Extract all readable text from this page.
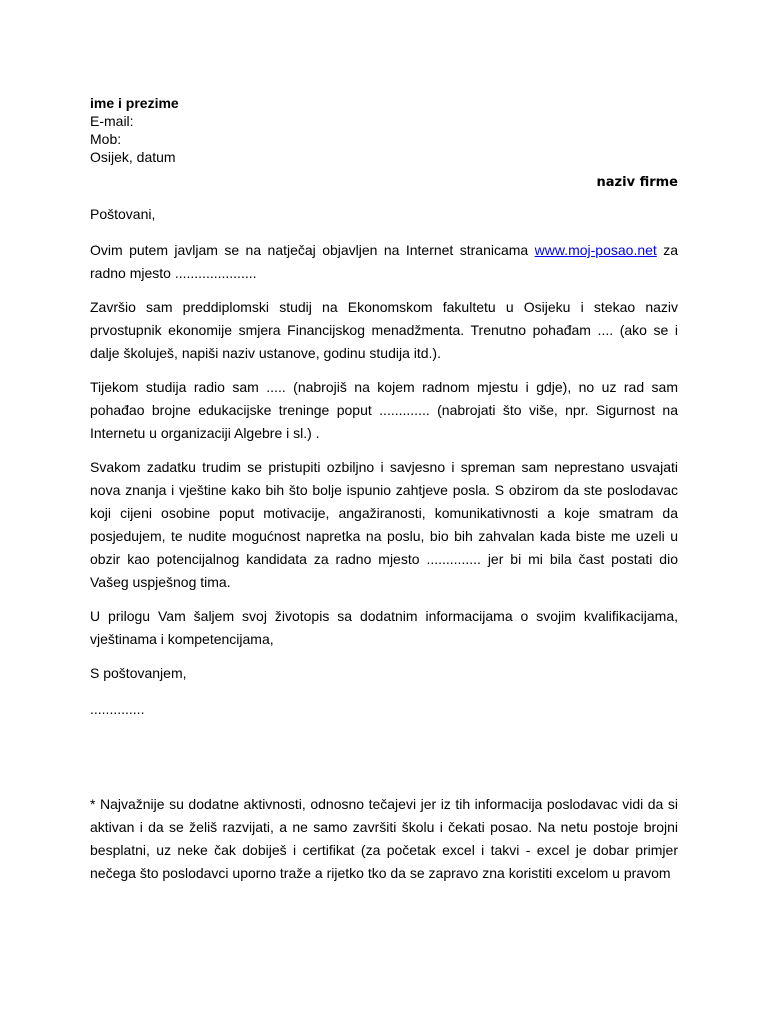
ime i prezime
E-mail:
Mob:
Osijek, datum
naziv firme

Poštovani,

Ovim putem javljam se na natječaj objavljen na Internet stranicama www.moj-posao.net za radno mjesto .....................

Završio sam preddiplomski studij na Ekonomskom fakultetu u Osijeku i stekao naziv prvostupnik ekonomije smjera Financijskog menadžmenta. Trenutno pohađam .... (ako se i dalje školuješ, napiši naziv ustanove, godinu studija itd.).

Tijekom studija radio sam ..... (nabrojiš na kojem radnom mjestu i gdje), no uz rad sam pohađao brojne edukacijske treninge poput ............. (nabrojati što više, npr. Sigurnost na Internetu u organizaciji Algebre i sl.) .

Svakom zadatku trudim se pristupiti ozbiljno i savjesno i spreman sam neprestano usvajati nova znanja i vještine kako bih što bolje ispunio zahtjeve posla. S obzirom da ste poslodavac koji cijeni osobine poput motivacije, angažiranosti, komunikativnosti a koje smatram da posjedujem, te nudite mogućnost napretka na poslu, bio bih zahvalan kada biste me uzeli u obzir kao potencijalnog kandidata za radno mjesto .............. jer bi mi bila čast postati dio Vašeg uspješnog tima.

U prilogu Vam šaljem svoj životopis sa dodatnim informacijama o svojim kvalifikacijama, vještinama i kompetencijama,

S poštovanjem,

..............

* Najvažnije su dodatne aktivnosti, odnosno tečajevi jer iz tih informacija poslodavac vidi da si aktivan i da se želiš razvijati, a ne samo završiti školu i čekati posao. Na netu postoje brojni besplatni, uz neke čak dobiješ i certifikat (za početak excel i takvi - excel je dobar primjer nečega što poslodavci uporno traže a rijetko tko da se zapravo zna koristiti excelom u pravom
